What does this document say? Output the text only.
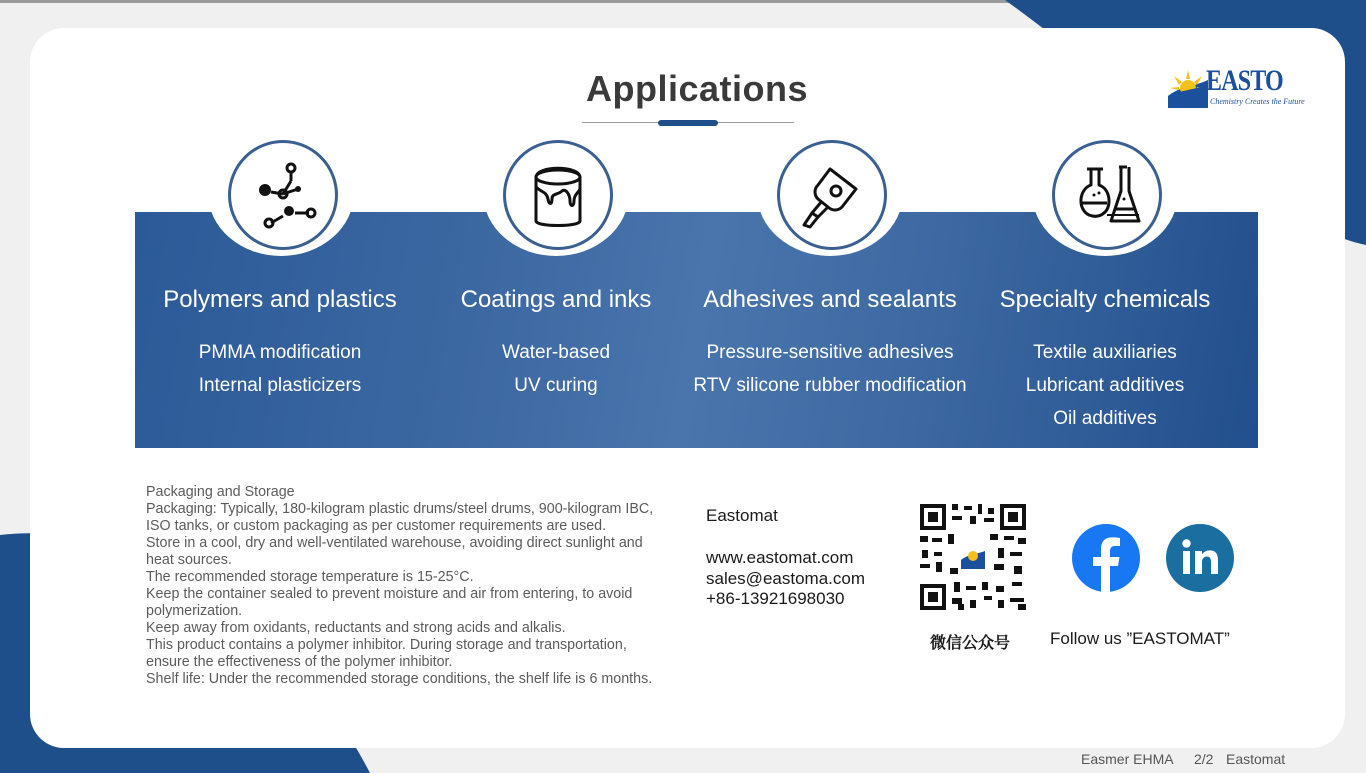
Applications	EASTO
Chemistry Creates the Future
Polymers and plastics
PMMA modification
Internal plasticizers
Coatings and inks
Water-based
UV curing
Adhesives and sealants
Pressure-sensitive adhesives
RTV silicone rubber modification
Specialty chemicals
Textile auxiliaries
Lubricant additives
Oil additives
Packaging and Storage
Packaging: Typically, 180-kilogram plastic drums/steel drums, 900-kilogram IBC, ISO tanks, or custom packaging as per customer requirements are used.
Store in a cool, dry and well-ventilated warehouse, avoiding direct sunlight and heat sources.
The recommended storage temperature is 15-25°C.
Keep the container sealed to prevent moisture and air from entering, to avoid polymerization.
Keep away from oxidants, reductants and strong acids and alkalis.
This product contains a polymer inhibitor. During storage and transportation, ensure the effectiveness of the polymer inhibitor.
Shelf life: Under the recommended storage conditions, the shelf life is 6 months.
Eastomat
www.eastomat.com
sales@eastoma.com
+86-13921698030
微信公众号 Follow us ”EASTOMAT”
Easmer EHMA 2/2 Eastomat
